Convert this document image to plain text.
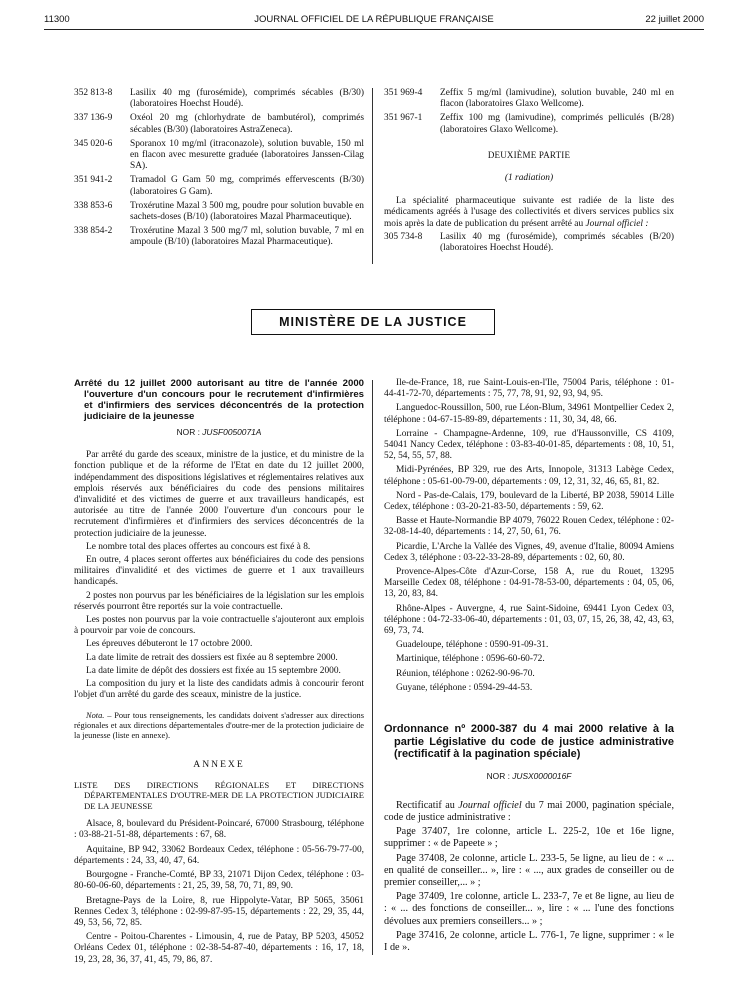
11300	JOURNAL OFFICIEL DE LA RÉPUBLIQUE FRANÇAISE	22 juillet 2000
352 813-8	Lasilix 40 mg (furosémide), comprimés sécables (B/30) (laboratoires Hoechst Houdé).
337 136-9	Oxéol 20 mg (chlorhydrate de bambutérol), comprimés sécables (B/30) (laboratoires AstraZeneca).
345 020-6	Sporanox 10 mg/ml (itraconazole), solution buvable, 150 ml en flacon avec mesurette graduée (laboratoires Janssen-Cilag SA).
351 941-2	Tramadol G Gam 50 mg, comprimés effervescents (B/30) (laboratoires G Gam).
338 853-6	Troxérutine Mazal 3 500 mg, poudre pour solution buvable en sachets-doses (B/10) (laboratoires Mazal Pharmaceutique).
338 854-2	Troxérutine Mazal 3 500 mg/7 ml, solution buvable, 7 ml en ampoule (B/10) (laboratoires Mazal Pharmaceutique).
351 969-4	Zeffix 5 mg/ml (lamivudine), solution buvable, 240 ml en flacon (laboratoires Glaxo Wellcome).
351 967-1	Zeffix 100 mg (lamivudine), comprimés pelliculés (B/28) (laboratoires Glaxo Wellcome).
DEUXIÈME PARTIE
(1 radiation)

La spécialité pharmaceutique suivante est radiée de la liste des médicaments agréés à l'usage des collectivités et divers services publics six mois après la date de publication du présent arrêté au Journal officiel :

305 734-8	Lasilix 40 mg (furosémide), comprimés sécables (B/20) (laboratoires Hoechst Houdé).
MINISTÈRE DE LA JUSTICE
Arrêté du 12 juillet 2000 autorisant au titre de l'année 2000 l'ouverture d'un concours pour le recrutement d'infirmières et d'infirmiers des services déconcentrés de la protection judiciaire de la jeunesse
NOR : JUSF0050071A

Par arrêté du garde des sceaux, ministre de la justice, et du ministre de la fonction publique et de la réforme de l'Etat en date du 12 juillet 2000, indépendamment des dispositions législatives et réglementaires relatives aux emplois réservés aux bénéficiaires du code des pensions militaires d'invalidité et des victimes de guerre et aux travailleurs handicapés, est autorisée au titre de l'année 2000 l'ouverture d'un concours pour le recrutement d'infirmières et d'infirmiers des services déconcentrés de la protection judiciaire de la jeunesse.

Le nombre total des places offertes au concours est fixé à 8.

En outre, 4 places seront offertes aux bénéficiaires du code des pensions militaires d'invalidité et des victimes de guerre et 1 aux travailleurs handicapés.

2 postes non pourvus par les bénéficiaires de la législation sur les emplois réservés pourront être reportés sur la voie contractuelle.

Les postes non pourvus par la voie contractuelle s'ajouteront aux emplois à pourvoir par voie de concours.

Les épreuves débuteront le 17 octobre 2000.

La date limite de retrait des dossiers est fixée au 8 septembre 2000.

La date limite de dépôt des dossiers est fixée au 15 septembre 2000.

La composition du jury et la liste des candidats admis à concourir feront l'objet d'un arrêté du garde des sceaux, ministre de la justice.

Nota. – Pour tous renseignements, les candidats doivent s'adresser aux directions régionales et aux directions départementales d'outre-mer de la protection judiciaire de la jeunesse (liste en annexe).

ANNEXE
LISTE DES DIRECTIONS RÉGIONALES ET DIRECTIONS DÉPARTEMENTALES D'OUTRE-MER DE LA PROTECTION JUDICIAIRE DE LA JEUNESSE

Alsace, 8, boulevard du Président-Poincaré, 67000 Strasbourg, téléphone : 03-88-21-51-88, départements : 67, 68.

Aquitaine, BP 942, 33062 Bordeaux Cedex, téléphone : 05-56-79-77-00, départements : 24, 33, 40, 47, 64.

Bourgogne - Franche-Comté, BP 33, 21071 Dijon Cedex, téléphone : 03-80-60-06-60, départements : 21, 25, 39, 58, 70, 71, 89, 90.

Bretagne-Pays de la Loire, 8, rue Hippolyte-Vatar, BP 5065, 35061 Rennes Cedex 3, téléphone : 02-99-87-95-15, départements : 22, 29, 35, 44, 49, 53, 56, 72, 85.

Centre - Poitou-Charentes - Limousin, 4, rue de Patay, BP 5203, 45052 Orléans Cedex 01, téléphone : 02-38-54-87-40, départements : 16, 17, 18, 19, 23, 28, 36, 37, 41, 45, 79, 86, 87.

Ile-de-France, 18, rue Saint-Louis-en-l'Ile, 75004 Paris, téléphone : 01-44-41-72-70, départements : 75, 77, 78, 91, 92, 93, 94, 95.

Languedoc-Roussillon, 500, rue Léon-Blum, 34961 Montpellier Cedex 2, téléphone : 04-67-15-89-89, départements : 11, 30, 34, 48, 66.

Lorraine - Champagne-Ardenne, 109, rue d'Haussonville, CS 4109, 54041 Nancy Cedex, téléphone : 03-83-40-01-85, départements : 08, 10, 51, 52, 54, 55, 57, 88.

Midi-Pyrénées, BP 329, rue des Arts, Innopole, 31313 Labège Cedex, téléphone : 05-61-00-79-00, départements : 09, 12, 31, 32, 46, 65, 81, 82.

Nord - Pas-de-Calais, 179, boulevard de la Liberté, BP 2038, 59014 Lille Cedex, téléphone : 03-20-21-83-50, départements : 59, 62.

Basse et Haute-Normandie BP 4079, 76022 Rouen Cedex, téléphone : 02-32-08-14-40, départements : 14, 27, 50, 61, 76.

Picardie, L'Arche la Vallée des Vignes, 49, avenue d'Italie, 80094 Amiens Cedex 3, téléphone : 03-22-33-28-89, départements : 02, 60, 80.

Provence-Alpes-Côte d'Azur-Corse, 158 A, rue du Rouet, 13295 Marseille Cedex 08, téléphone : 04-91-78-53-00, départements : 04, 05, 06, 13, 20, 83, 84.

Rhône-Alpes - Auvergne, 4, rue Saint-Sidoine, 69441 Lyon Cedex 03, téléphone : 04-72-33-06-40, départements : 01, 03, 07, 15, 26, 38, 42, 43, 63, 69, 73, 74.

Guadeloupe, téléphone : 0590-91-09-31.

Martinique, téléphone : 0596-60-60-72.

Réunion, téléphone : 0262-90-96-70.

Guyane, téléphone : 0594-29-44-53.

Ordonnance nº 2000-387 du 4 mai 2000 relative à la partie Législative du code de justice administrative (rectificatif à la pagination spéciale)
NOR : JUSX0000016F

Rectificatif au Journal officiel du 7 mai 2000, pagination spéciale, code de justice administrative :

Page 37407, 1re colonne, article L. 225-2, 10e et 16e ligne, supprimer : « de Papeete » ;

Page 37408, 2e colonne, article L. 233-5, 5e ligne, au lieu de : « ... en qualité de conseiller... », lire : « ..., aux grades de conseiller ou de premier conseiller,... » ;

Page 37409, 1re colonne, article L. 233-7, 7e et 8e ligne, au lieu de : « ... des fonctions de conseiller... », lire : « ... l'une des fonctions dévolues aux premiers conseillers... » ;

Page 37416, 2e colonne, article L. 776-1, 7e ligne, supprimer : « le I de ».
